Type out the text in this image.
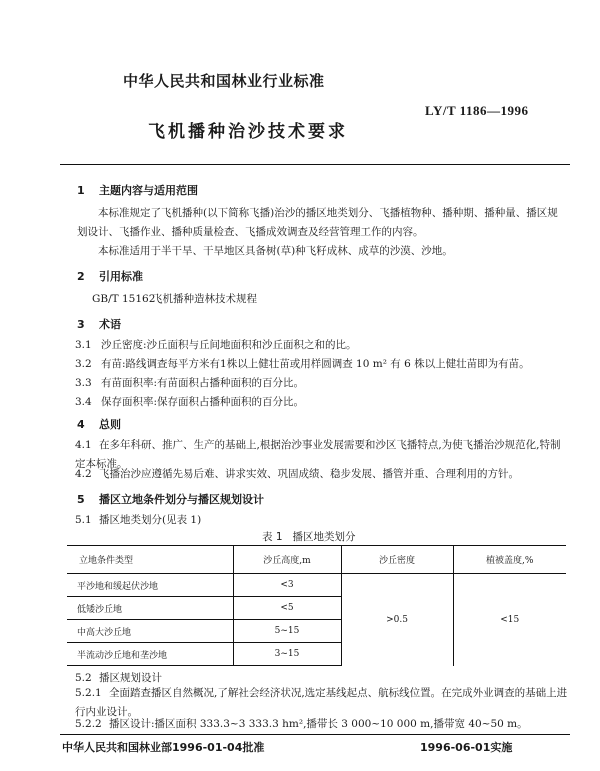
中华人民共和国林业行业标准
LY/T 1186—1996
飞机播种治沙技术要求
1 主题内容与适用范围
本标准规定了飞机播种(以下简称飞播)治沙的播区地类划分、飞播植物种、播种期、播种量、播区规划设计、飞播作业、播种质量检查、飞播成效调查及经营管理工作的内容。
本标准适用于半干旱、干旱地区具备树(草)种飞籽成林、成草的沙漠、沙地。
2 引用标准
GB/T 15162飞机播种造林技术规程
3 术语
3.1 沙丘密度:沙丘面积与丘间地面积和沙丘面积之和的比。
3.2 有苗:路线调查每平方米有1株以上健壮苗或用样圆调查 10 m² 有 6 株以上健壮苗即为有苗。
3.3 有苗面积率:有苗面积占播种面积的百分比。
3.4 保存面积率:保存面积占播种面积的百分比。
4 总则
4.1 在多年科研、推广、生产的基础上,根据治沙事业发展需要和沙区飞播特点,为使飞播治沙规范化,特制定本标准。
4.2 飞播治沙应遵循先易后难、讲求实效、巩固成绩、稳步发展、播管并重、合理利用的方针。
5 播区立地条件划分与播区规划设计
5.1 播区地类划分(见表 1)
表 1 播区地类划分
立地条件类型	沙丘高度,m	沙丘密度	植被盖度,%
平沙地和缓起伏沙地	<3	>0.5	<15
低矮沙丘地	<5		
中高大沙丘地	5~15		
半流动沙丘地和垄沙地	3~15		
5.2 播区规划设计
5.2.1 全面踏查播区自然概况,了解社会经济状况,选定基线起点、航标线位置。在完成外业调查的基础上进行内业设计。
5.2.2 播区设计:播区面积 333.3~3 333.3 hm²,播带长 3 000~10 000 m,播带宽 40~50 m。
中华人民共和国林业部1996-01-04批准	1996-06-01实施
